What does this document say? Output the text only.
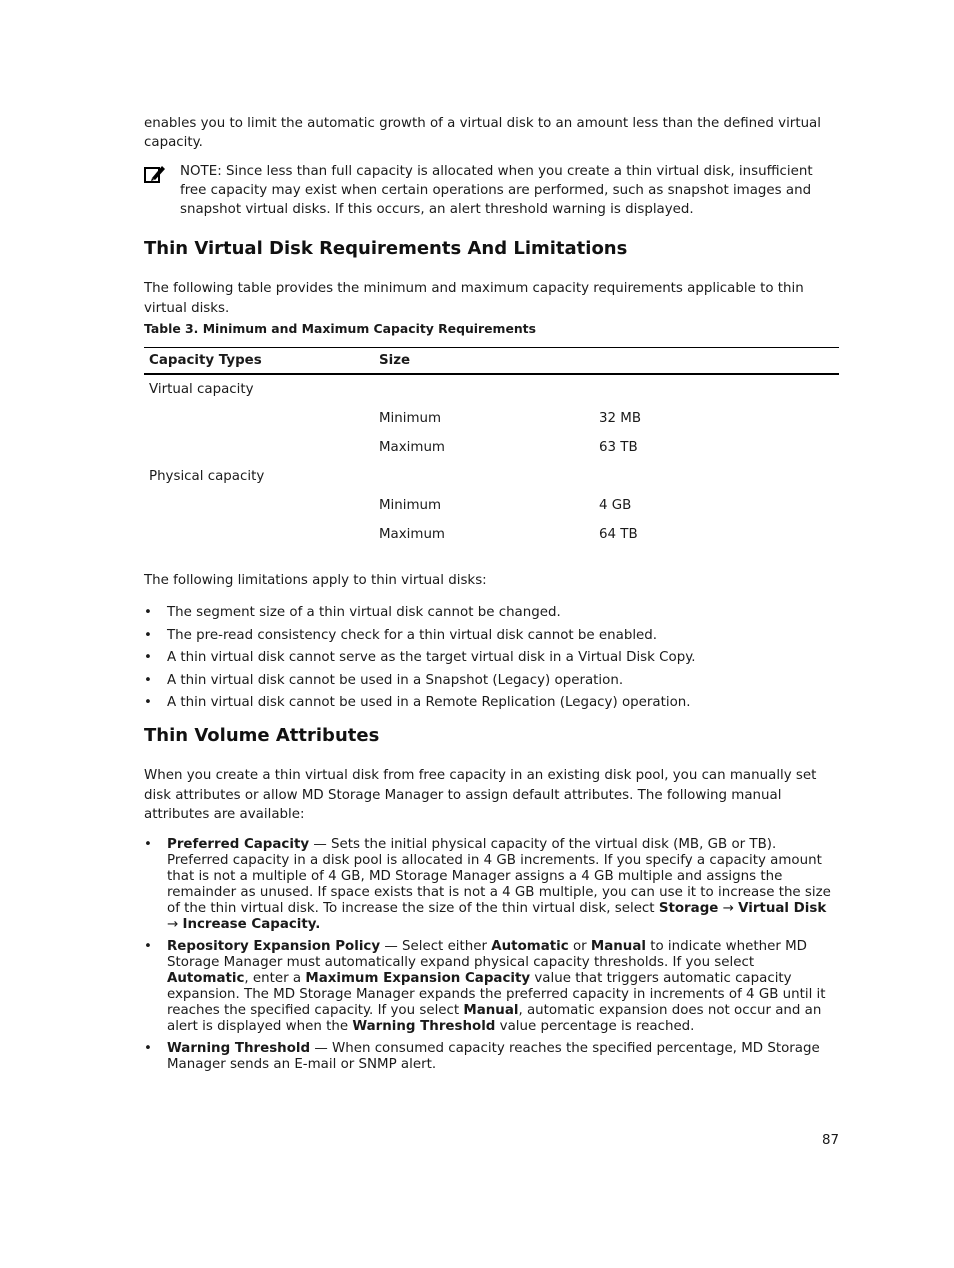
enables you to limit the automatic growth of a virtual disk to an amount less than the defined virtual capacity.

NOTE: Since less than full capacity is allocated when you create a thin virtual disk, insufficient free capacity may exist when certain operations are performed, such as snapshot images and snapshot virtual disks. If this occurs, an alert threshold warning is displayed.

Thin Virtual Disk Requirements And Limitations

The following table provides the minimum and maximum capacity requirements applicable to thin virtual disks.

Table 3. Minimum and Maximum Capacity Requirements
Capacity Types	Size	
Virtual capacity		
	Minimum	32 MB
	Maximum	63 TB
Physical capacity		
	Minimum	4 GB
	Maximum	64 TB

The following limitations apply to thin virtual disks:

• The segment size of a thin virtual disk cannot be changed.
• The pre-read consistency check for a thin virtual disk cannot be enabled.
• A thin virtual disk cannot serve as the target virtual disk in a Virtual Disk Copy.
• A thin virtual disk cannot be used in a Snapshot (Legacy) operation.
• A thin virtual disk cannot be used in a Remote Replication (Legacy) operation.
Thin Volume Attributes

When you create a thin virtual disk from free capacity in an existing disk pool, you can manually set disk attributes or allow MD Storage Manager to assign default attributes. The following manual attributes are available:

• Preferred Capacity — Sets the initial physical capacity of the virtual disk (MB, GB or TB). Preferred capacity in a disk pool is allocated in 4 GB increments. If you specify a capacity amount that is not a multiple of 4 GB, MD Storage Manager assigns a 4 GB multiple and assigns the remainder as unused. If space exists that is not a 4 GB multiple, you can use it to increase the size of the thin virtual disk. To increase the size of the thin virtual disk, select Storage → Virtual Disk → Increase Capacity.
• Repository Expansion Policy — Select either Automatic or Manual to indicate whether MD Storage Manager must automatically expand physical capacity thresholds. If you select Automatic, enter a Maximum Expansion Capacity value that triggers automatic capacity expansion. The MD Storage Manager expands the preferred capacity in increments of 4 GB until it reaches the specified capacity. If you select Manual, automatic expansion does not occur and an alert is displayed when the Warning Threshold value percentage is reached.
• Warning Threshold — When consumed capacity reaches the specified percentage, MD Storage Manager sends an E-mail or SNMP alert.
87
